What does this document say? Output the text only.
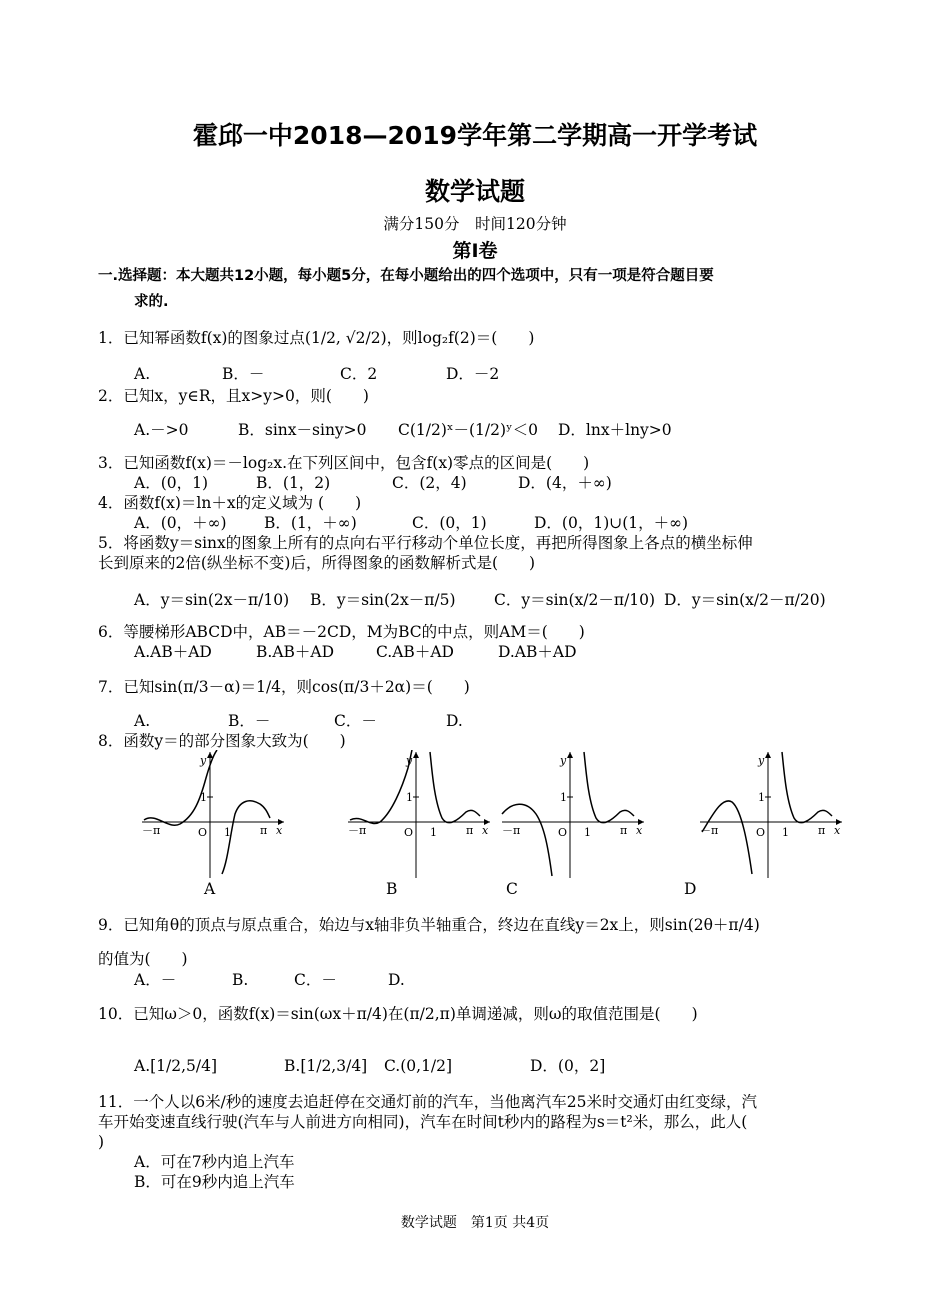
霍邱一中2018—2019学年第二学期高一开学考试
数学试题
满分150分　时间120分钟
第Ⅰ卷
一.选择题：本大题共12小题，每小题5分，在每小题给出的四个选项中，只有一项是符合题目要
求的.
1．已知幂函数f(x)的图象过点(1/2, √2/2)，则log₂f(2)＝(　　)
A.	B．－	C．2	D．－2
2．已知x，y∈R，且x>y>0，则(　　)
A.－>0	B．sinx－siny>0 C(1/2)ˣ－(1/2)ʸ＜0 D．lnx＋lny>0
3．已知函数f(x)＝－log₂x.在下列区间中，包含f(x)零点的区间是(　　)
A．(0，1)	B．(1，2)	C．(2，4)	D．(4，＋∞)
4．函数f(x)＝ln＋x的定义域为 (　　)
A．(0，＋∞) B．(1，＋∞)	C．(0，1)	D．(0，1)∪(1，＋∞)
5．将函数y＝sinx的图象上所有的点向右平行移动个单位长度，再把所得图象上各点的横坐标伸
长到原来的2倍(纵坐标不变)后，所得图象的函数解析式是(　　)
A．y＝sin(2x－π/10) B．y＝sin(2x－π/5) C．y＝sin(x/2－π/10) D．y＝sin(x/2－π/20)
6．等腰梯形ABCD中，AB＝－2CD，M为BC的中点，则AM＝(　　)
A.AB＋AD	B.AB＋AD	C.AB＋AD	D.AB＋AD
7．已知sin(π/3－α)＝1/4，则cos(π/3＋2α)＝(　　)
A.	B．－	C．－	D.
8．函数y＝的部分图象大致为(　　)
y
x
O
1
1
－π	π
A
y
x
O
1
1
－π	π
B
y
x
O
1
1
－π	π
C
y
x
O
1
1
－π	π
D
9．已知角θ的顶点与原点重合，始边与x轴非负半轴重合，终边在直线y＝2x上，则sin(2θ＋π/4)
的值为(　　)
A．－	B.	C．－	D.
10．已知ω＞0，函数f(x)＝sin(ωx＋π/4)在(π/2,π)单调递减，则ω的取值范围是(　　)
A.[1/2,5/4]	B.[1/2,3/4] C.(0,1/2]	D．(0，2]
11．一个人以6米/秒的速度去追赶停在交通灯前的汽车，当他离汽车25米时交通灯由红变绿，汽
车开始变速直线行驶(汽车与人前进方向相同)，汽车在时间t秒内的路程为s＝t²米，那么，此人(
)
A．可在7秒内追上汽车
B．可在9秒内追上汽车
数学试题　第1页 共4页
